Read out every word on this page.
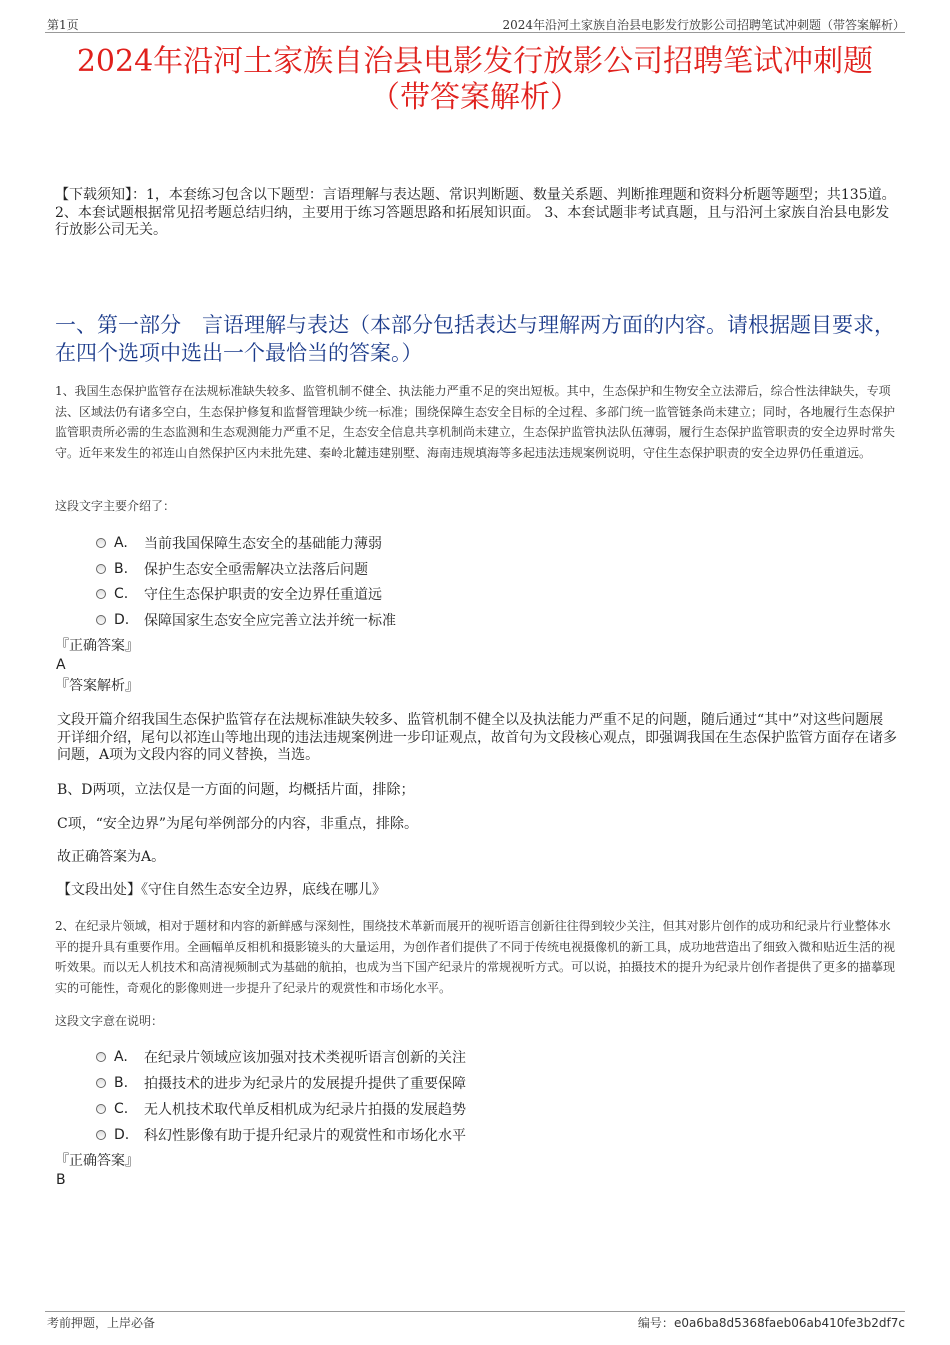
第1页	2024年沿河土家族自治县电影发行放影公司招聘笔试冲刺题（带答案解析）
2024年沿河土家族自治县电影发行放影公司招聘笔试冲刺题
（带答案解析）
【下载须知】：1，本套练习包含以下题型：言语理解与表达题、常识判断题、数量关系题、判断推理题和资料分析题等题型；共135道。 2、本套试题根据常见招考题总结归纳，主要用于练习答题思路和拓展知识面。 3、本套试题非考试真题，且与沿河土家族自治县电影发行放影公司无关。
一、第一部分　言语理解与表达（本部分包括表达与理解两方面的内容。请根据题目要求，在四个选项中选出一个最恰当的答案。）
1、我国生态保护监管存在法规标准缺失较多、监管机制不健全、执法能力严重不足的突出短板。其中，生态保护和生物安全立法滞后，综合性法律缺失，专项法、区域法仍有诸多空白，生态保护修复和监督管理缺少统一标准；围绕保障生态安全目标的全过程、多部门统一监管链条尚未建立；同时，各地履行生态保护监管职责所必需的生态监测和生态观测能力严重不足，生态安全信息共享机制尚未建立，生态保护监管执法队伍薄弱，履行生态保护监管职责的安全边界时常失守。近年来发生的祁连山自然保护区内未批先建、秦岭北麓违建别墅、海南违规填海等多起违法违规案例说明，守住生态保护职责的安全边界仍任重道远。
这段文字主要介绍了：
A.	当前我国保障生态安全的基础能力薄弱
B.	保护生态安全亟需解决立法落后问题
C.	守住生态保护职责的安全边界任重道远
D.	保障国家生态安全应完善立法并统一标准
『正确答案』
A
『答案解析』
文段开篇介绍我国生态保护监管存在法规标准缺失较多、监管机制不健全以及执法能力严重不足的问题，随后通过“其中”对这些问题展开详细介绍，尾句以祁连山等地出现的违法违规案例进一步印证观点，故首句为文段核心观点，即强调我国在生态保护监管方面存在诸多问题，A项为文段内容的同义替换，当选。
B、D两项，立法仅是一方面的问题，均概括片面，排除；
C项，“安全边界”为尾句举例部分的内容，非重点，排除。
故正确答案为A。
【文段出处】《守住自然生态安全边界，底线在哪儿》
2、在纪录片领域，相对于题材和内容的新鲜感与深刻性，围绕技术革新而展开的视听语言创新往往得到较少关注，但其对影片创作的成功和纪录片行业整体水平的提升具有重要作用。全画幅单反相机和摄影镜头的大量运用，为创作者们提供了不同于传统电视摄像机的新工具，成功地营造出了细致入微和贴近生活的视听效果。而以无人机技术和高清视频制式为基础的航拍，也成为当下国产纪录片的常规视听方式。可以说，拍摄技术的提升为纪录片创作者提供了更多的描摹现实的可能性，奇观化的影像则进一步提升了纪录片的观赏性和市场化水平。
这段文字意在说明：
A.	在纪录片领域应该加强对技术类视听语言创新的关注
B.	拍摄技术的进步为纪录片的发展提升提供了重要保障
C.	无人机技术取代单反相机成为纪录片拍摄的发展趋势
D.	科幻性影像有助于提升纪录片的观赏性和市场化水平
『正确答案』
B
考前押题，上岸必备	编号：e0a6ba8d5368faeb06ab410fe3b2df7c
